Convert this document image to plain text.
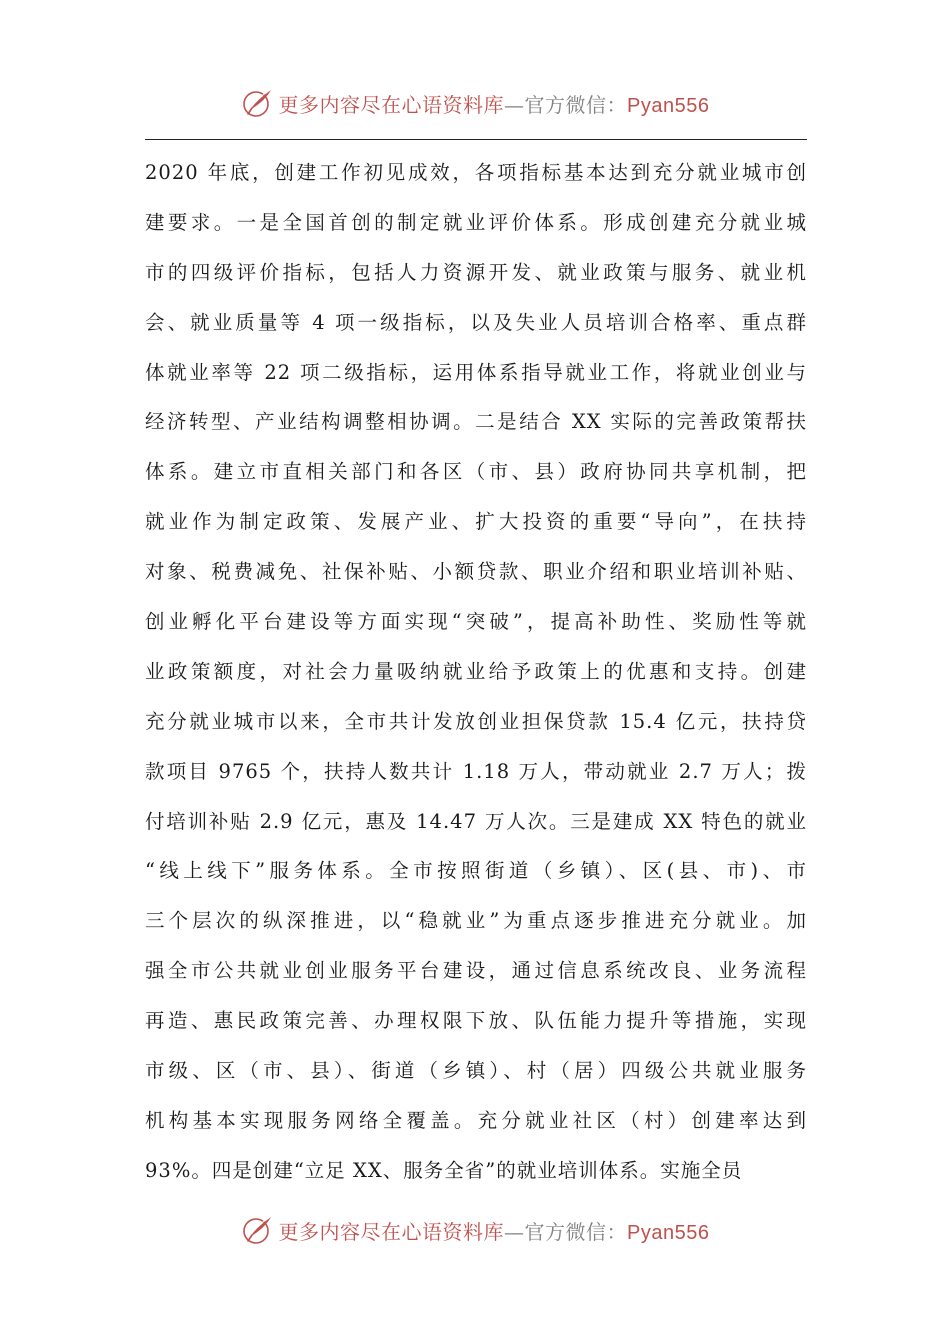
更多内容尽在心语资料库 — 官方微信： Pyan556
2020 年底，创建工作初见成效，各项指标基本达到充分就业城市创
建要求。一是全国首创的制定就业评价体系。形成创建充分就业城
市的四级评价指标，包括人力资源开发、就业政策与服务、就业机
会、就业质量等 4 项一级指标，以及失业人员培训合格率、重点群
体就业率等 22 项二级指标，运用体系指导就业工作，将就业创业与
经济转型、产业结构调整相协调。二是结合 XX 实际的完善政策帮扶
体系。建立市直相关部门和各区（市、县）政府协同共享机制，把
就业作为制定政策、发展产业、扩大投资的重要“导向”，在扶持
对象、税费减免、社保补贴、小额贷款、职业介绍和职业培训补贴、
创业孵化平台建设等方面实现“突破”，提高补助性、奖励性等就
业政策额度，对社会力量吸纳就业给予政策上的优惠和支持。创建
充分就业城市以来，全市共计发放创业担保贷款 15.4 亿元，扶持贷
款项目 9765 个，扶持人数共计 1.18 万人，带动就业 2.7 万人；拨
付培训补贴 2.9 亿元，惠及 14.47 万人次。三是建成 XX 特色的就业
“线上线下”服务体系。全市按照街道（乡镇）、区(县、市)、市
三个层次的纵深推进，以“稳就业”为重点逐步推进充分就业。加
强全市公共就业创业服务平台建设，通过信息系统改良、业务流程
再造、惠民政策完善、办理权限下放、队伍能力提升等措施，实现
市级、区（市、县）、街道（乡镇）、村（居）四级公共就业服务
机构基本实现服务网络全覆盖。充分就业社区（村）创建率达到
93%。四是创建“立足 XX、服务全省”的就业培训体系。实施全员
更多内容尽在心语资料库 — 官方微信： Pyan556
